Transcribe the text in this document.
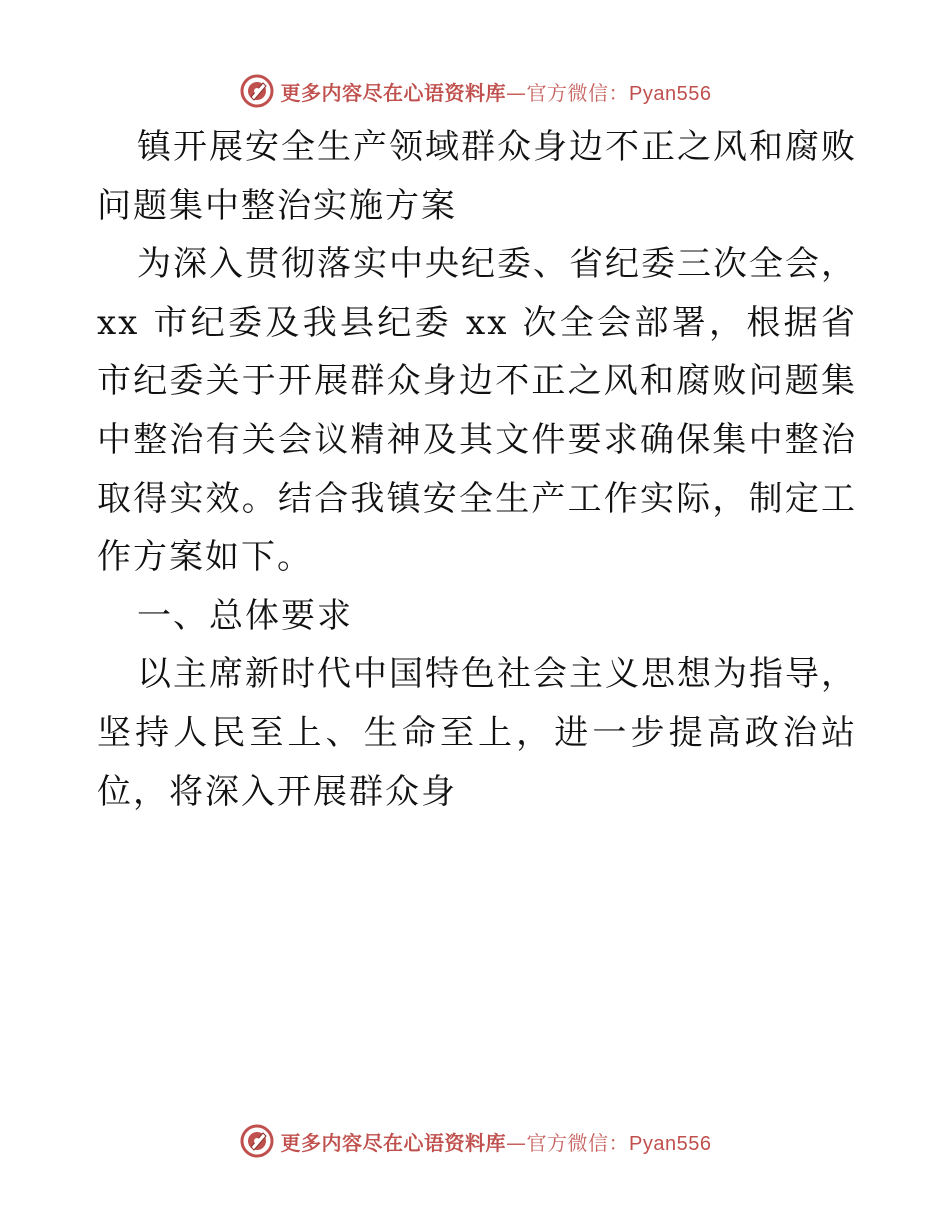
更多内容尽在心语资料库—官方微信：Pyan556

镇开展安全生产领域群众身边不正之风和腐败问题集中整治实施方案

为深入贯彻落实中央纪委、省纪委三次全会，xx 市纪委及我县纪委 xx 次全会部署，根据省市纪委关于开展群众身边不正之风和腐败问题集中整治有关会议精神及其文件要求确保集中整治取得实效。结合我镇安全生产工作实际，制定工作方案如下。

一、总体要求

以主席新时代中国特色社会主义思想为指导，坚持人民至上、生命至上，进一步提高政治站位，将深入开展群众身

更多内容尽在心语资料库—官方微信：Pyan556
